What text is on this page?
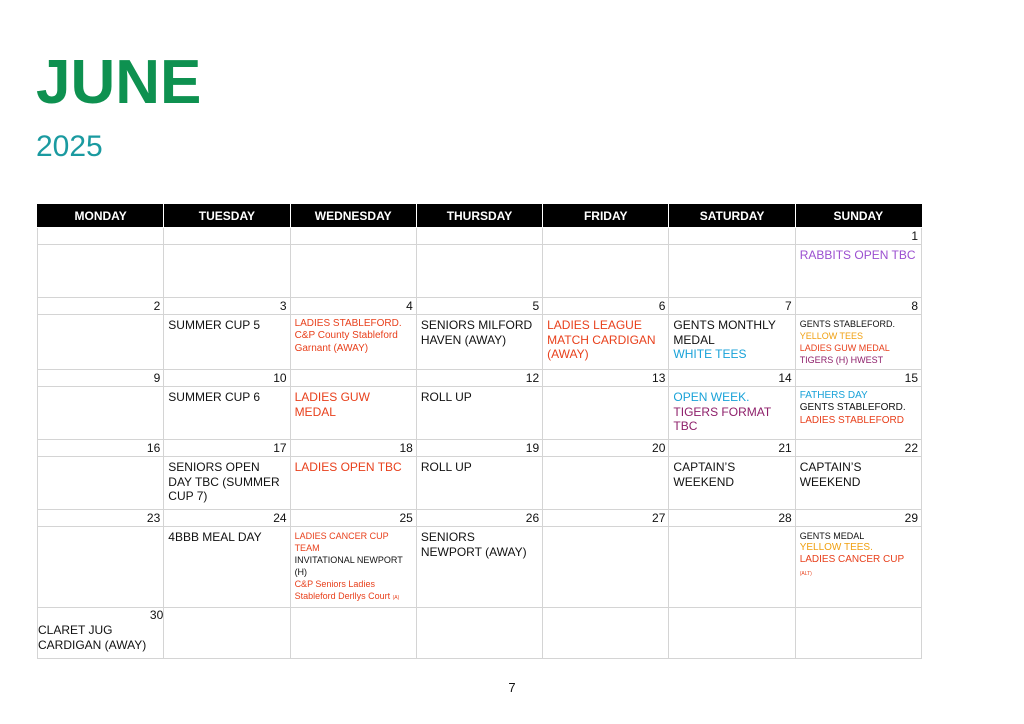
JUNE
2025
MONDAY	TUESDAY	WEDNESDAY	THURSDAY	FRIDAY	SATURDAY	SUNDAY
						1

						RABBITS OPEN TBC

2	3	4	5	6	7	8

	SUMMER CUP 5	LADIES STABLEFORD.
C&P County Stableford Garnant (AWAY)	SENIORS MILFORD HAVEN (AWAY)	LADIES LEAGUE MATCH CARDIGAN (AWAY)	GENTS MONTHLY MEDAL
WHITE TEES	GENTS STABLEFORD.
YELLOW TEES
LADIES GUW MEDAL
TIGERS (H) HWEST

9	10		12	13	14	15

	SUMMER CUP 6	LADIES GUW MEDAL	ROLL UP		OPEN WEEK.
TIGERS FORMAT TBC	FATHERS DAY
GENTS STABLEFORD.
LADIES STABLEFORD

16	17	18	19	20	21	22

	SENIORS OPEN DAY TBC (SUMMER CUP 7)	LADIES OPEN TBC	ROLL UP		CAPTAIN’S WEEKEND	CAPTAIN’S WEEKEND

23	24	25	26	27	28	29

	4BBB MEAL DAY	LADIES CANCER CUP TEAM
INVITATIONAL NEWPORT (H)
C&P Seniors Ladies
Stableford Derllys Court (A)	SENIORS NEWPORT (AWAY)			GENTS MEDAL
YELLOW TEES.
LADIES CANCER CUP (ALT)

30
CLARET JUG CARDIGAN (AWAY)						

7
